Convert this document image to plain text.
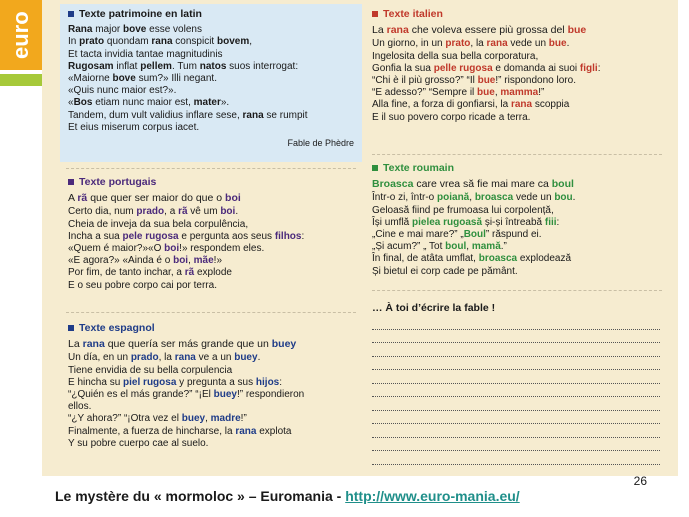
euro	Texte patrimoine en latin
Rana major bove esse volens
In prato quondam rana conspicit bovem,
Et tacta invidia tantae magnitudinis
Rugosam inflat pellem. Tum natos suos interrogat:
«Maiorne bove sum?» Illi negant.
«Quis nunc maior est?».
«Bos etiam nunc maior est, mater».
Tandem, dum vult validius inflare sese, rana se rumpit
Et eius miserum corpus iacet.
Fable de Phèdre
Texte italien
La rana che voleva essere più grossa del bue
Un giorno, in un prato, la rana vede un bue.
Ingelosita della sua bella corporatura,
Gonfia la sua pelle rugosa e domanda ai suoi figli:
“Chi è il più grosso?” “Il bue!” rispondono loro.
“E adesso?” “Sempre il bue, mamma!”
Alla fine, a forza di gonfiarsi, la rana scoppia
E il suo povero corpo ricade a terra.
Texte portugais
A rã que quer ser maior do que o boi
Certo dia, num prado, a rã vê um boi.
Cheia de inveja da sua bela corpulência,
Incha a sua pele rugosa e pergunta aos seus filhos:
«Quem é maior?»«O boi!» respondem eles.
«E agora?» «Ainda é o boi, mãe!»
Por fim, de tanto inchar, a rã explode
E o seu pobre corpo cai por terra.
Texte roumain
Broasca care vrea să fie mai mare ca boul
Într-o zi, într-o poiană, broasca vede un bou.
Geloasă fiind pe frumoasa lui corpolență,
Își umflă pielea rugoasă și-și întreabă fiii:
„Cine e mai mare?” „Boul” răspund ei.
„Și acum?” „ Tot boul, mamă.”
În final, de atâta umflat, broasca explodează
Și bietul ei corp cade pe pământ.
Texte espagnol
La rana que quería ser más grande que un buey
Un día, en un prado, la rana ve a un buey.
Tiene envidia de su bella corpulencia
E hincha su piel rugosa y pregunta a sus hijos:
“¿Quién es el más grande?” “¡El buey!” respondieron
ellos.
“¿Y ahora?” “¡Otra vez el buey, madre!”
Finalmente, a fuerza de hincharse, la rana explota
Y su pobre cuerpo cae al suelo.
… À toi d’écrire la fable !
26
Le mystère du « mormoloc » – Euromania - http://www.euro-mania.eu/
